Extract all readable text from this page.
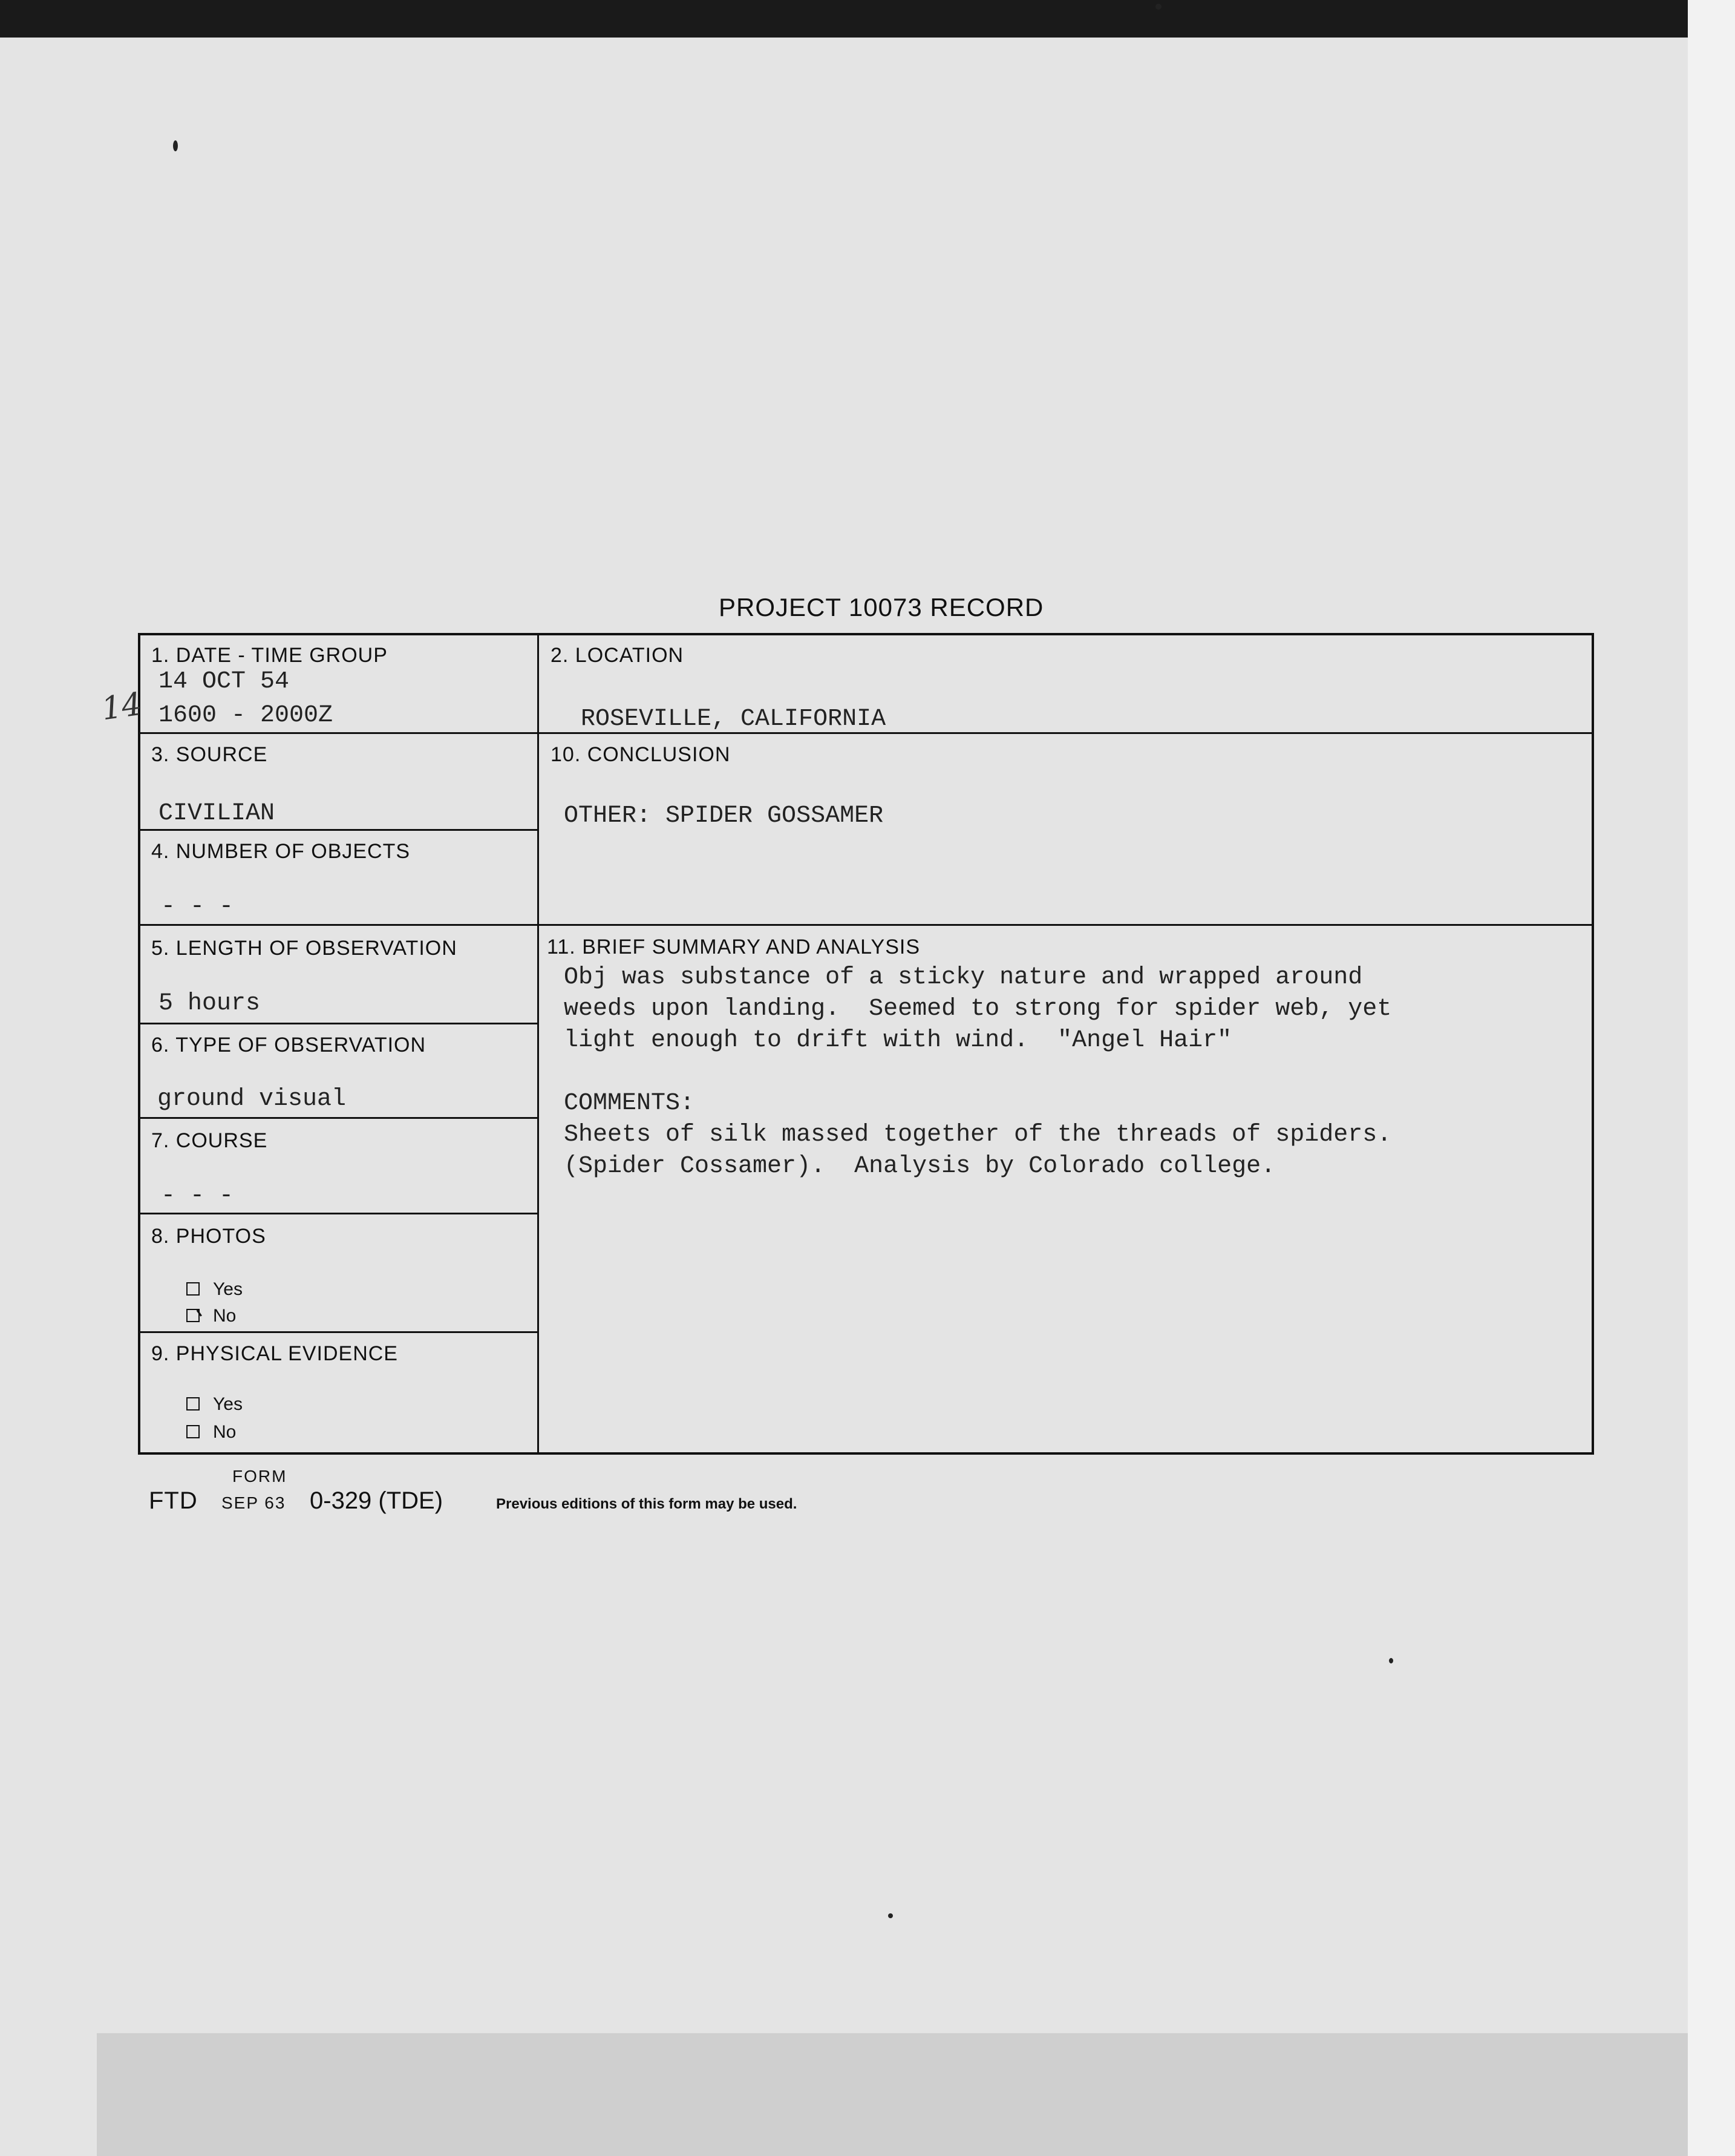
PROJECT 10073 RECORD
1. DATE - TIME GROUP
14 OCT 54
1600 - 2000Z
2. LOCATION
ROSEVILLE, CALIFORNIA
3. SOURCE
CIVILIAN
10. CONCLUSION
OTHER: SPIDER GOSSAMER
4. NUMBER OF OBJECTS
- - -
5. LENGTH OF OBSERVATION
5 hours
11. BRIEF SUMMARY AND ANALYSIS
Obj was substance of a sticky nature and wrapped around
weeds upon landing.  Seemed to strong for spider web, yet
light enough to drift with wind.  "Angel Hair"
COMMENTS:
Sheets of silk massed together of the threads of spiders.
(Spider Cossamer).  Analysis by Colorado college.
6. TYPE OF OBSERVATION
ground visual
7. COURSE
- - -
8. PHOTOS
Yes
No
9. PHYSICAL EVIDENCE
Yes
No
14
FORM
FTD SEP 63 0-329 (TDE)	Previous editions of this form may be used.
